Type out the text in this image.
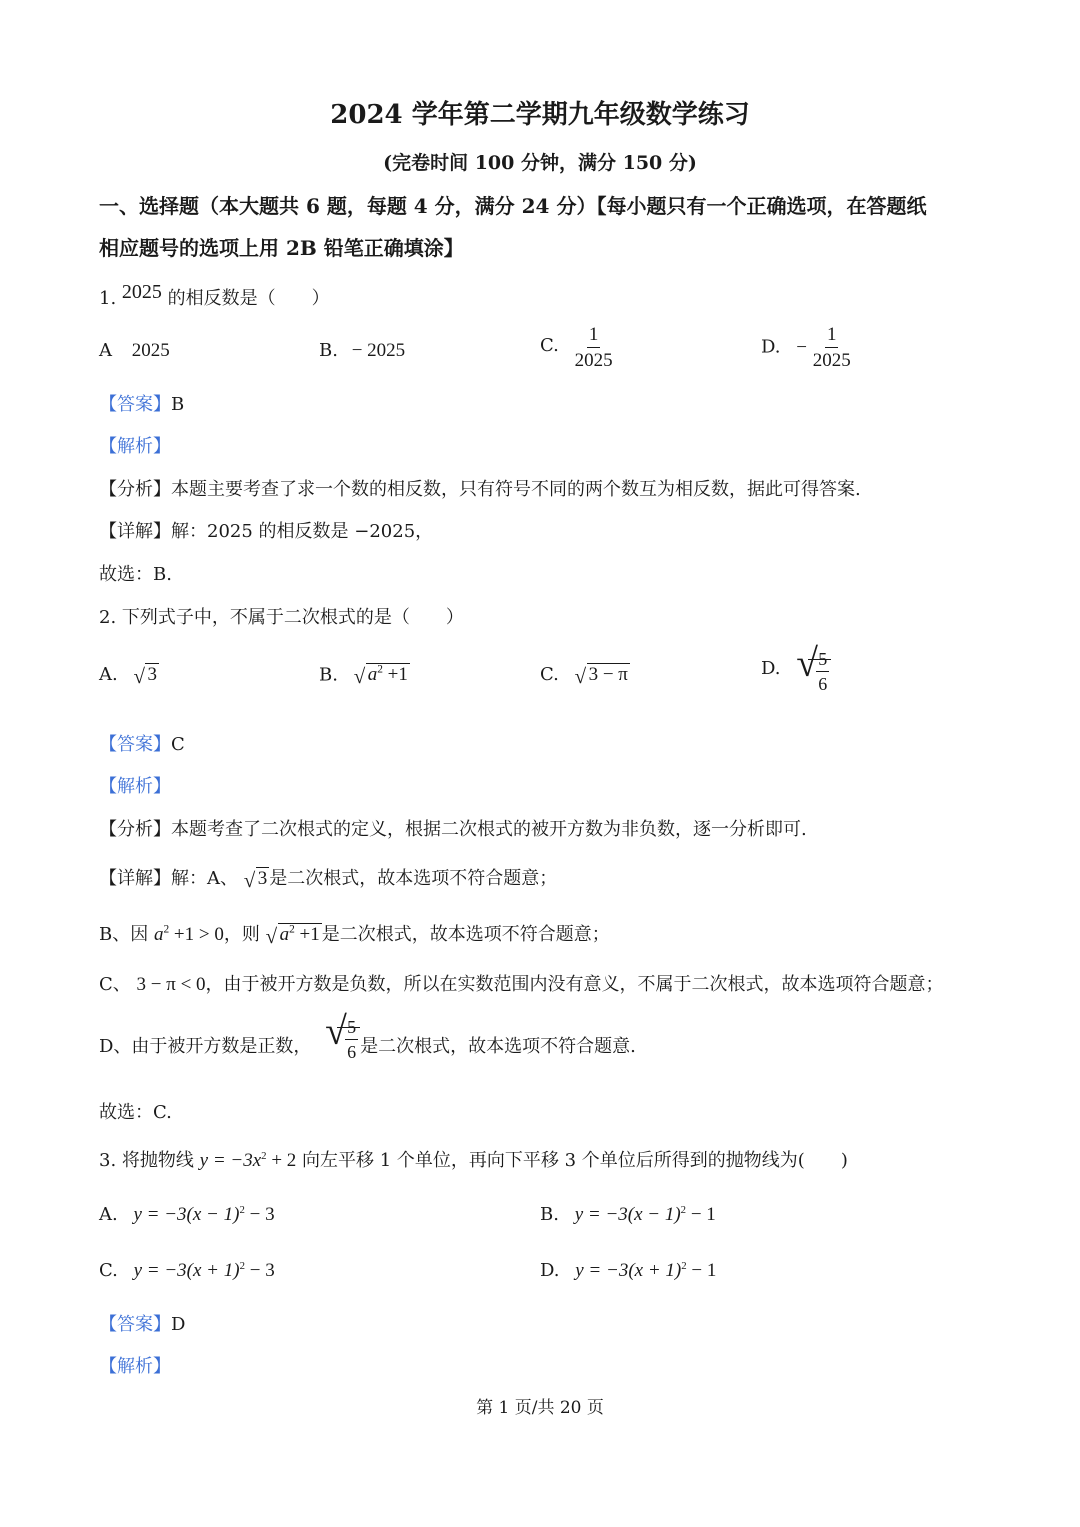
2024 学年第二学期九年级数学练习
(完卷时间 100 分钟，满分 150 分)
一、选择题（本大题共 6 题，每题 4 分，满分 24 分）【每小题只有一个正确选项，在答题纸
相应题号的选项上用 2B 铅笔正确填涂】
1. 2025 的相反数是（　　）
A 2025	B. − 2025	C. $\frac{1}{2025}$	D. − $\frac{1}{2025}$
【答案】B
【解析】
【分析】本题主要考查了求一个数的相反数，只有符号不同的两个数互为相反数，据此可得答案.
【详解】解：2025 的相反数是 −2025，
故选：B.
2. 下列式子中，不属于二次根式的是（　　）
A. √ 3	B. √ $a^2 +1$	C. √ 3 − π	D. √
$\frac{5}{6}$
【答案】C
【解析】
【分析】本题考查了二次根式的定义，根据二次根式的被开方数为非负数，逐一分析即可.
【详解】解：A、 √ 3 是二次根式，故本选项不符合题意；
B、因 $a^2 +1 > 0$，则 √ $a^2 +1$ 是二次根式，故本选项不符合题意；
C、 3 − π < 0，由于被开方数是负数，所以在实数范围内没有意义，不属于二次根式，故本选项符合题意；
D、由于被开方数是正数， √
$\frac{5}{6}$ 是二次根式，故本选项不符合题意.
故选：C.
3. 将抛物线 $y = -3x^2 + 2$ 向左平移 1 个单位，再向下平移 3 个单位后所得到的抛物线为(　　)
A. $y = -3(x - 1)^2 - 3$	B. $y = -3(x - 1)^2 - 1$
C. $y = -3(x + 1)^2 - 3$	D. $y = -3(x + 1)^2 - 1$
【答案】D
【解析】
第 1 页/共 20 页
